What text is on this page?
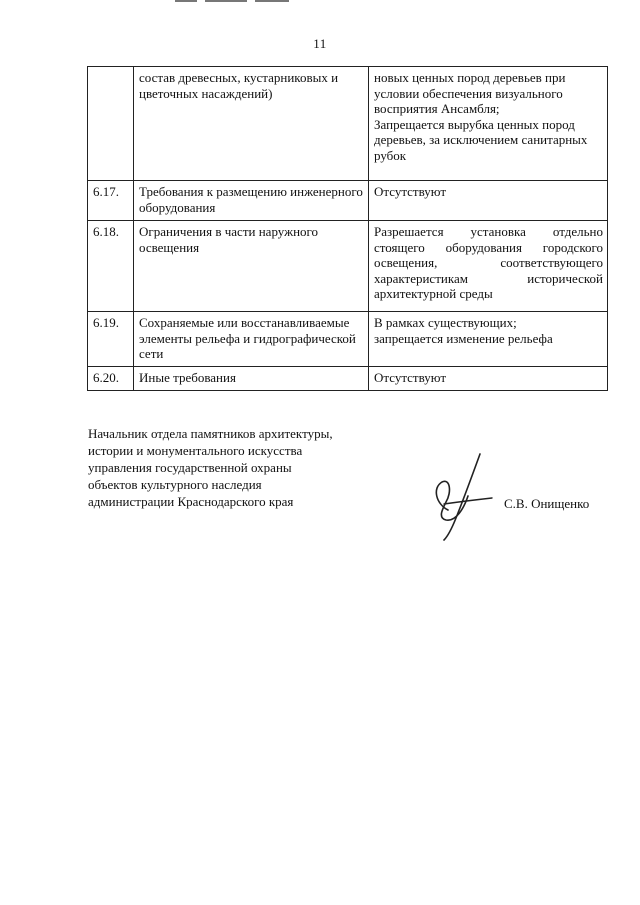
11
	состав древесных, кустарниковых и цветочных насаждений)	новых ценных пород деревьев при условии обеспечения визуального восприятия Ансамбля;
Запрещается вырубка ценных пород деревьев, за исключением санитарных рубок

6.17.	Требования к размещению инженерного оборудования	Отсутствуют
6.18.	Ограничения в части наружного освещения	Разрешается установка отдельно стоящего оборудования городского освещения, соответствующего характеристикам исторической архитектурной среды
6.19.	Сохраняемые или восстанавливаемые элементы рельефа и гидрографической сети	В рамках существующих;
запрещается изменение рельефа

6.20.	Иные требования	Отсутствуют
Начальник отдела памятников архитектуры,
истории и монументального искусства
управления государственной охраны
объектов культурного наследия
администрации Краснодарского края	С.В. Онищенко
